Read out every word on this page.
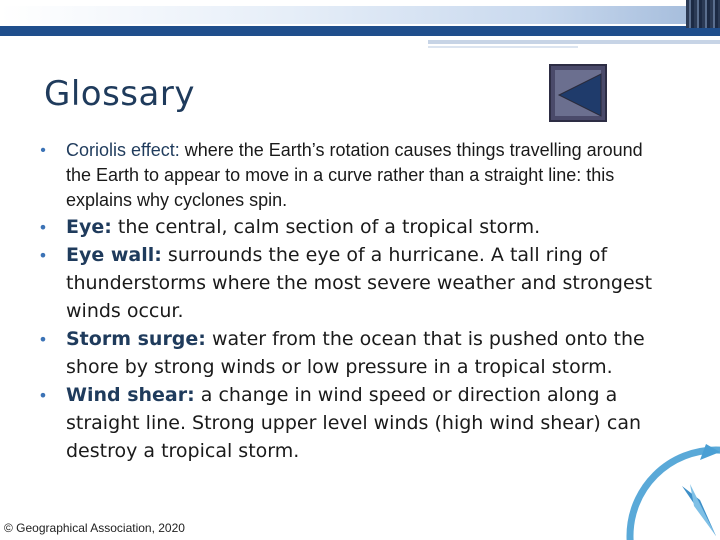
Glossary
•	Coriolis effect: where the Earth’s rotation causes things travelling around the Earth to appear to move in a curve rather than a straight line: this explains why cyclones spin.
• Eye: the central, calm section of a tropical storm.
• Eye wall: surrounds the eye of a hurricane. A tall ring of thunderstorms where the most severe weather and strongest winds occur.
• Storm surge: water from the ocean that is pushed onto the shore by strong winds or low pressure in a tropical storm.
• Wind shear: a change in wind speed or direction along a straight line. Strong upper level winds (high wind shear) can destroy a tropical storm.
© Geographical Association, 2020
